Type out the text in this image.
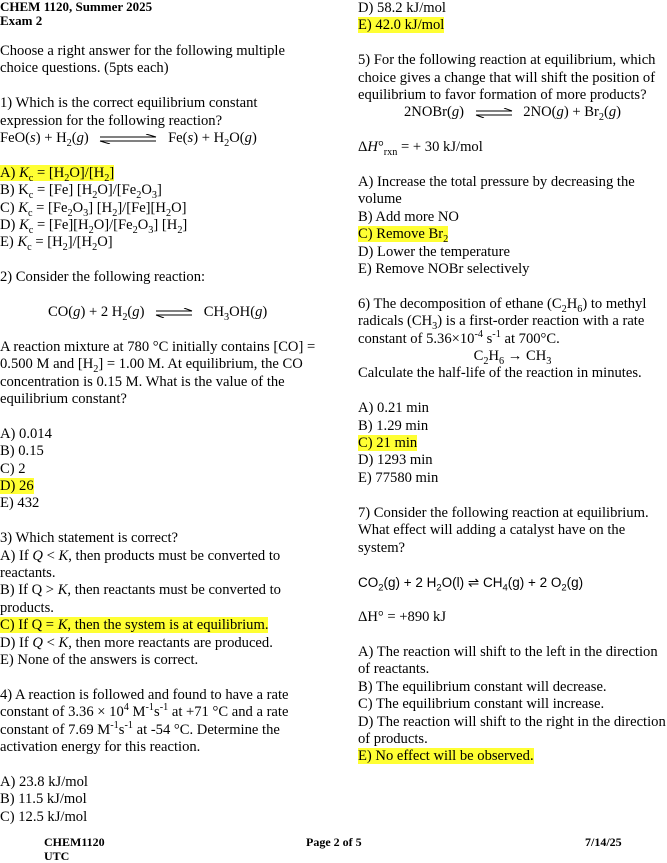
CHEM 1120, Summer 2025

Exam 2

Choose a right answer for the following multiple choice questions. (5pts each)

1) Which is the correct equilibrium constant expression for the following reaction?

$FeO(s) + H_2(g)$	$Fe(s) + H_2O(g)$

A) $K_c = [H_2O]/[H_2]$

B) $K_c = [Fe]$ $[H_2O]/[Fe_2O_3]$

C) $K_c = [Fe_2O_3]$ $[H_2]/[Fe][H_2O]$

D) $K_c = [Fe][H_2O]/[Fe_2O_3]$ $[H_2]$

E) $K_c = [H_2]/[H_2O]$

2) Consider the following reaction:

CO(g) + 2 $H_2(g)$ ⇌ $CH_3OH(g)$

A reaction mixture at 780 °C initially contains [CO] = 0.500 M and $[H_2] = 1.00$ M. At equilibrium, the CO concentration is 0.15 M. What is the value of the equilibrium constant?

A) 0.014

B) 0.15

C) 2

D) 26

E) 432

3) Which statement is correct?

A) If Q < K, then products must be converted to reactants.

B) If Q > K, then reactants must be converted to products.

C) If Q = K, then the system is at equilibrium.

D) If Q < K, then more reactants are produced.

E) None of the answers is correct.

4) A reaction is followed and found to have a rate constant of $3.36 \times 10^4$ $M^{-1}s^{-1}$ at +71 °C and a rate constant of 7.69 $M^{-1}s^{-1}$ at -54 °C. Determine the activation energy for this reaction.

A) 23.8 kJ/mol

B) 11.5 kJ/mol

C) 12.5 kJ/mol

D) 58.2 kJ/mol

E) 42.0 kJ/mol

5) For the following reaction at equilibrium, which choice gives a change that will shift the position of equilibrium to favor formation of more products?

2NOBr(g) ⇌ $2NO(g) + Br_2(g)$

$\Delta H^\circ_{rxn}$ = + 30 kJ/mol

A) Increase the total pressure by decreasing the volume

B) Add more NO

C) Remove $Br_2$

D) Lower the temperature

E) Remove NOBr selectively

6) The decomposition of ethane $(C_2H_6)$ to methyl radicals $(CH_3)$ is a first-order reaction with a rate constant of $5.36\times 10^{-4}$ $s^{-1}$ at 700°C.

$C_2H_6 \to CH_3$

Calculate the half-life of the reaction in minutes.

A) 0.21 min

B) 1.29 min

C) 21 min

D) 1293 min

E) 77580 min

7) Consider the following reaction at equilibrium. What effect will adding a catalyst have on the system?

$CO_2(g) + 2$ $H_2O(l)$ ⇌ $CH_4(g) + 2$ $O_2(g)$

ΔH° = +890 kJ

A) The reaction will shift to the left in the direction of reactants.

B) The equilibrium constant will decrease.

C) The equilibrium constant will increase.

D) The reaction will shift to the right in the direction of products.

E) No effect will be observed.

CHEM1120 UTC
Page 2 of 5	7/14/25
